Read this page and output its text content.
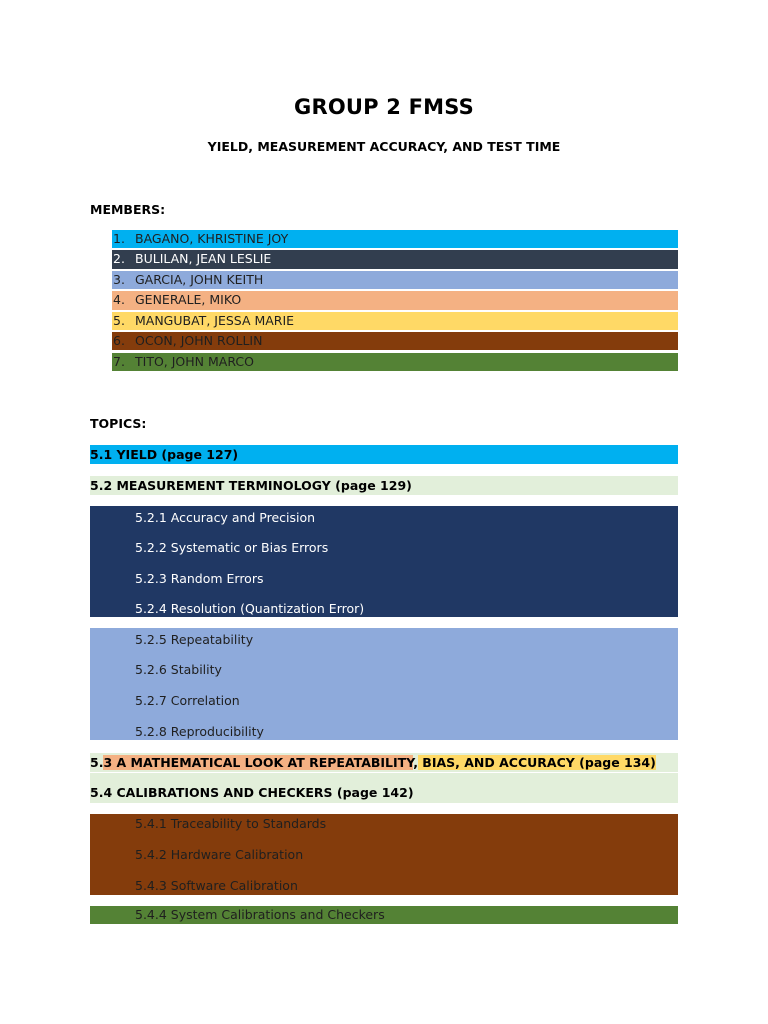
GROUP 2 FMSS
YIELD, MEASUREMENT ACCURACY, AND TEST TIME
MEMBERS:
1. BAGANO, KHRISTINE JOY
2. BULILAN, JEAN LESLIE
3. GARCIA, JOHN KEITH
4. GENERALE, MIKO
5. MANGUBAT, JESSA MARIE
6. OCON, JOHN ROLLIN
7. TITO, JOHN MARCO
TOPICS:
5.1 YIELD (page 127)
5.2 MEASUREMENT TERMINOLOGY (page 129)
5.2.1 Accuracy and Precision
5.2.2 Systematic or Bias Errors
5.2.3 Random Errors
5.2.4 Resolution (Quantization Error)
5.2.5 Repeatability
5.2.6 Stability
5.2.7 Correlation
5.2.8 Reproducibility
5.3 A MATHEMATICAL LOOK AT REPEATABILITY, BIAS, AND ACCURACY (page 134)
5.4 CALIBRATIONS AND CHECKERS (page 142)
5.4.1 Traceability to Standards
5.4.2 Hardware Calibration
5.4.3 Software Calibration
5.4.4 System Calibrations and Checkers
